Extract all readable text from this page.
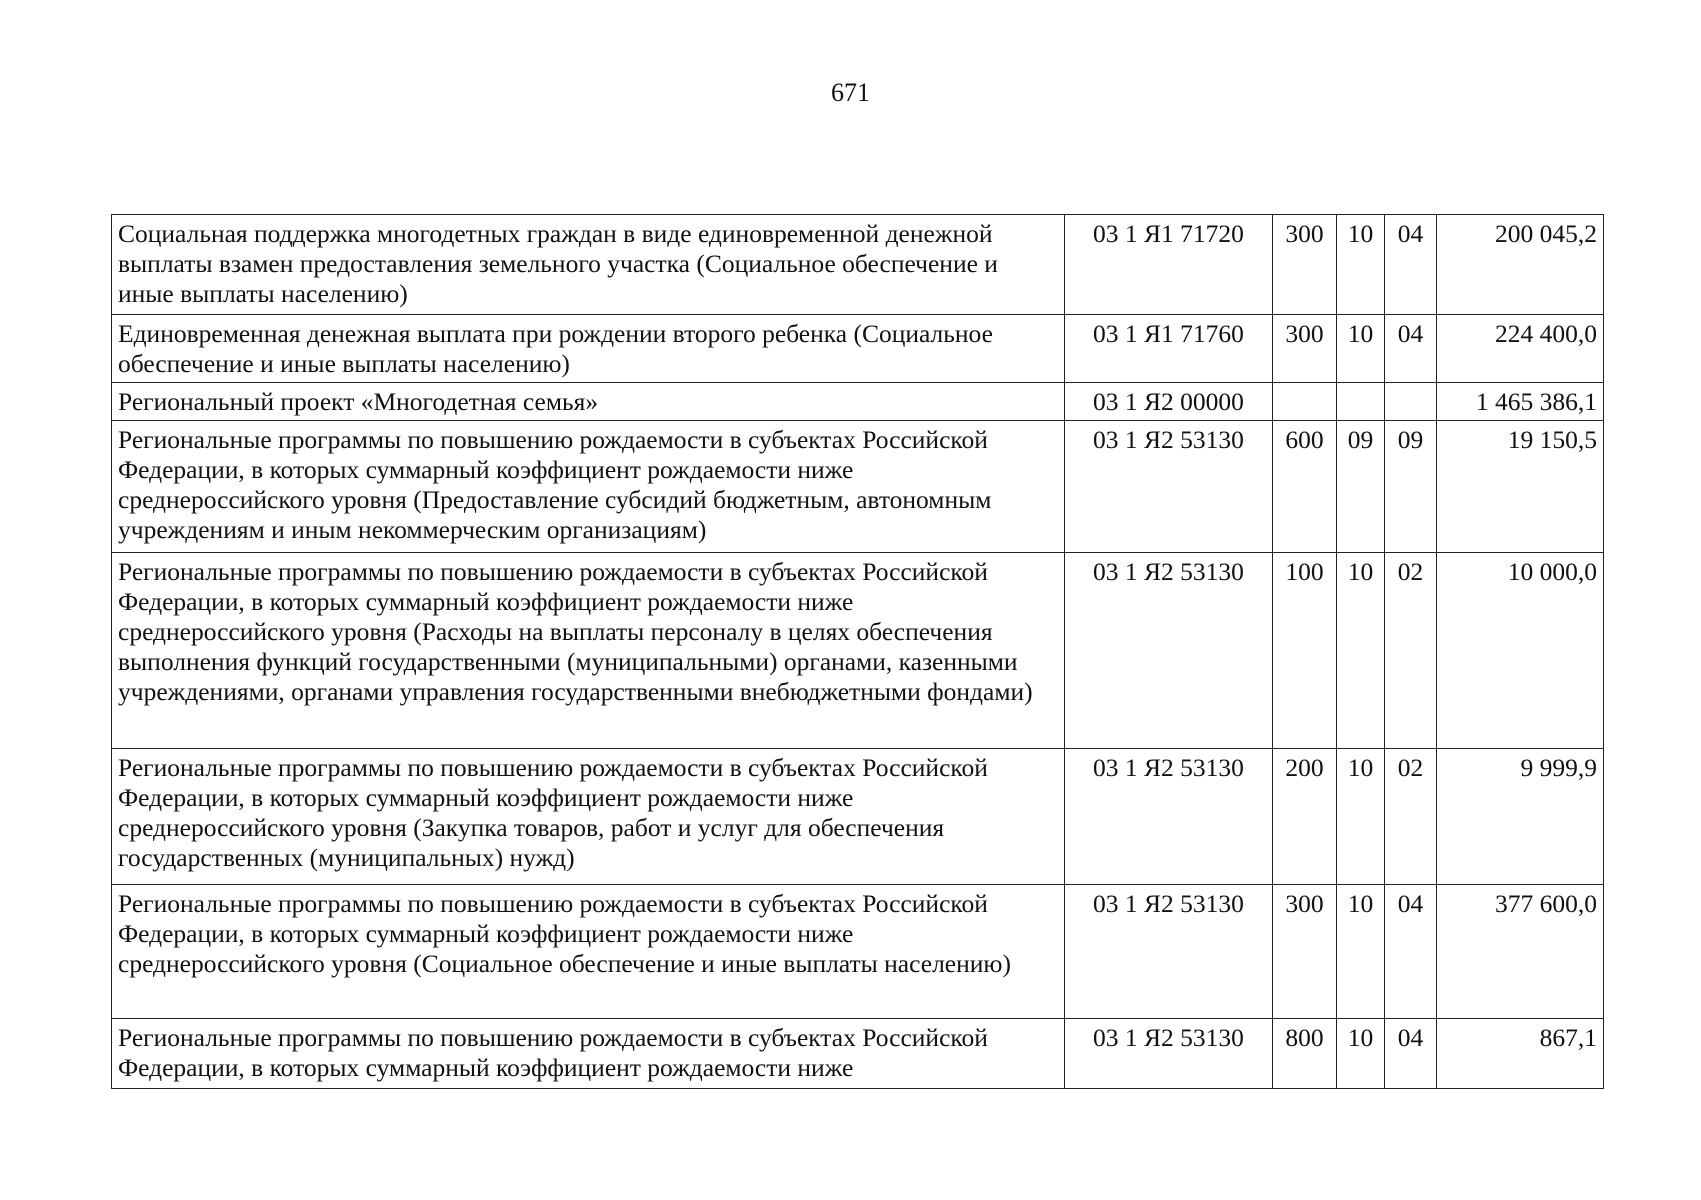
671
Социальная поддержка многодетных граждан в виде единовременной денежной выплаты взамен предоставления земельного участка (Социальное обеспечение и иные выплаты населению)	03 1 Я1 71720	300	10	04	200 045,2
Единовременная денежная выплата при рождении второго ребенка (Социальное обеспечение и иные выплаты населению)	03 1 Я1 71760	300	10	04	224 400,0
Региональный проект «Многодетная семья»	03 1 Я2 00000				1 465 386,1
Региональные программы по повышению рождаемости в субъектах Российской Федерации, в которых суммарный коэффициент рождаемости ниже среднероссийского уровня (Предоставление субсидий бюджетным, автономным учреждениям и иным некоммерческим организациям)	03 1 Я2 53130	600	09	09	19 150,5
Региональные программы по повышению рождаемости в субъектах Российской Федерации, в которых суммарный коэффициент рождаемости ниже среднероссийского уровня (Расходы на выплаты персоналу в целях обеспечения выполнения функций государственными (муниципальными) органами, казенными учреждениями, органами управления государственными внебюджетными фондами)	03 1 Я2 53130	100	10	02	10 000,0
Региональные программы по повышению рождаемости в субъектах Российской Федерации, в которых суммарный коэффициент рождаемости ниже среднероссийского уровня (Закупка товаров, работ и услуг для обеспечения государственных (муниципальных) нужд)	03 1 Я2 53130	200	10	02	9 999,9
Региональные программы по повышению рождаемости в субъектах Российской Федерации, в которых суммарный коэффициент рождаемости ниже среднероссийского уровня (Социальное обеспечение и иные выплаты населению)	03 1 Я2 53130	300	10	04	377 600,0
Региональные программы по повышению рождаемости в субъектах Российской Федерации, в которых суммарный коэффициент рождаемости ниже	03 1 Я2 53130	800	10	04	867,1
